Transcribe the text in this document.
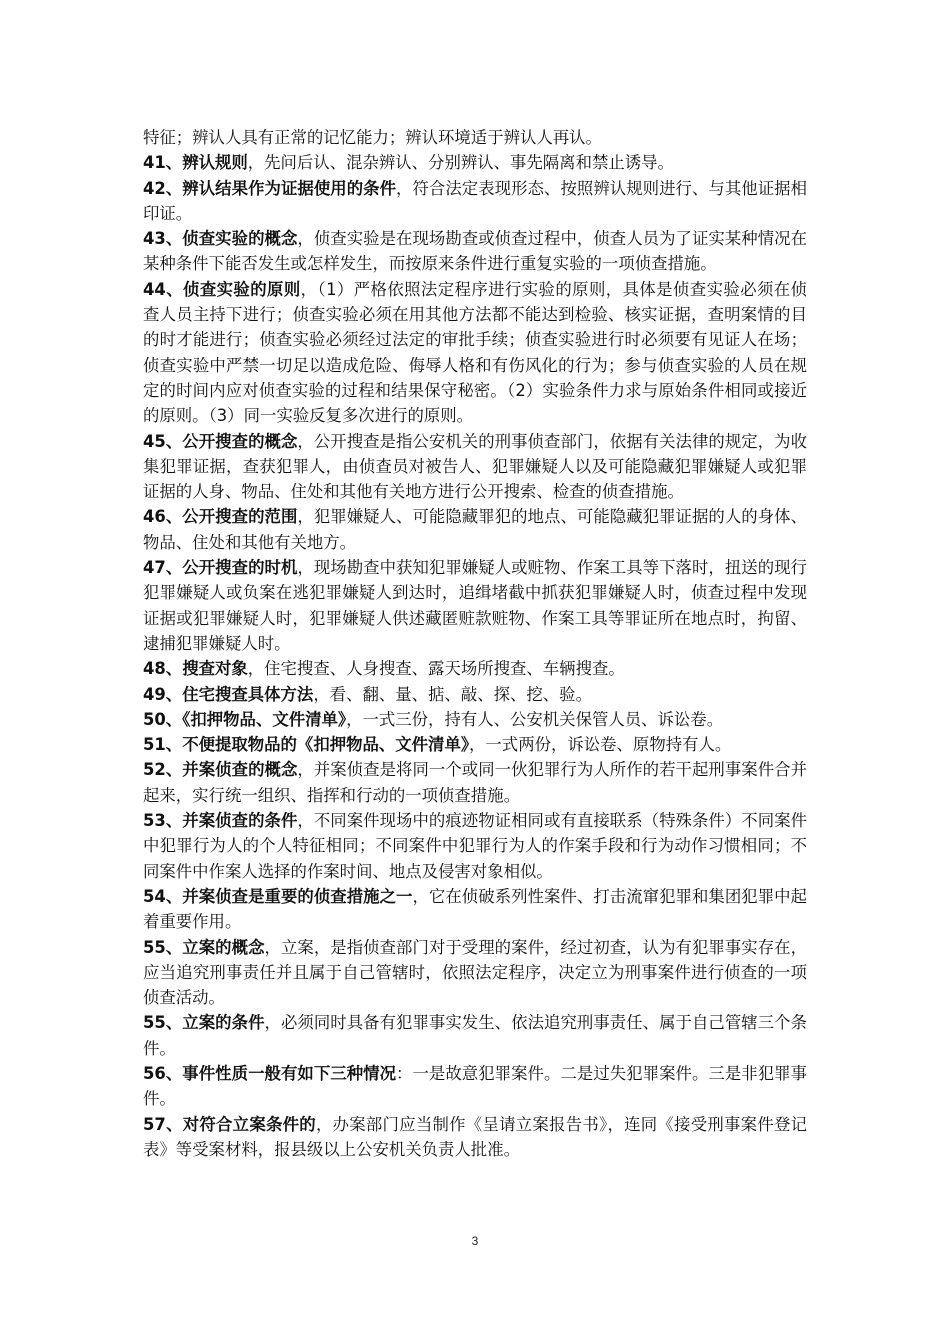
特征；辨认人具有正常的记忆能力；辨认环境适于辨认人再认。

41、辨认规则，先问后认、混杂辨认、分别辨认、事先隔离和禁止诱导。

42、辨认结果作为证据使用的条件，符合法定表现形态、按照辨认规则进行、与其他证据相印证。

43、侦查实验的概念，侦查实验是在现场勘查或侦查过程中，侦查人员为了证实某种情况在某种条件下能否发生或怎样发生，而按原来条件进行重复实验的一项侦查措施。

44、侦查实验的原则，（1）严格依照法定程序进行实验的原则，具体是侦查实验必须在侦查人员主持下进行；侦查实验必须在用其他方法都不能达到检验、核实证据，查明案情的目的时才能进行；侦查实验必须经过法定的审批手续；侦查实验进行时必须要有见证人在场；侦查实验中严禁一切足以造成危险、侮辱人格和有伤风化的行为；参与侦查实验的人员在规定的时间内应对侦查实验的过程和结果保守秘密。（2）实验条件力求与原始条件相同或接近的原则。（3）同一实验反复多次进行的原则。

45、公开搜查的概念，公开搜查是指公安机关的刑事侦查部门，依据有关法律的规定，为收集犯罪证据，查获犯罪人，由侦查员对被告人、犯罪嫌疑人以及可能隐藏犯罪嫌疑人或犯罪证据的人身、物品、住处和其他有关地方进行公开搜索、检查的侦查措施。

46、公开搜查的范围，犯罪嫌疑人、可能隐藏罪犯的地点、可能隐藏犯罪证据的人的身体、物品、住处和其他有关地方。

47、公开搜查的时机，现场勘查中获知犯罪嫌疑人或赃物、作案工具等下落时，扭送的现行犯罪嫌疑人或负案在逃犯罪嫌疑人到达时，追缉堵截中抓获犯罪嫌疑人时，侦查过程中发现证据或犯罪嫌疑人时，犯罪嫌疑人供述藏匿赃款赃物、作案工具等罪证所在地点时，拘留、逮捕犯罪嫌疑人时。

48、搜查对象，住宅搜查、人身搜查、露天场所搜查、车辆搜查。

49、住宅搜查具体方法，看、翻、量、掂、敲、探、挖、验。

50、《扣押物品、文件清单》，一式三份，持有人、公安机关保管人员、诉讼卷。

51、不便提取物品的《扣押物品、文件清单》，一式两份，诉讼卷、原物持有人。

52、并案侦查的概念，并案侦查是将同一个或同一伙犯罪行为人所作的若干起刑事案件合并起来，实行统一组织、指挥和行动的一项侦查措施。

53、并案侦查的条件，不同案件现场中的痕迹物证相同或有直接联系（特殊条件）不同案件中犯罪行为人的个人特征相同；不同案件中犯罪行为人的作案手段和行为动作习惯相同；不同案件中作案人选择的作案时间、地点及侵害对象相似。

54、并案侦查是重要的侦查措施之一，它在侦破系列性案件、打击流窜犯罪和集团犯罪中起着重要作用。

55、立案的概念，立案，是指侦查部门对于受理的案件，经过初查，认为有犯罪事实存在，应当追究刑事责任并且属于自己管辖时，依照法定程序，决定立为刑事案件进行侦查的一项侦查活动。

55、立案的条件，必须同时具备有犯罪事实发生、依法追究刑事责任、属于自己管辖三个条件。

56、事件性质一般有如下三种情况：一是故意犯罪案件。二是过失犯罪案件。三是非犯罪事件。

57、对符合立案条件的，办案部门应当制作《呈请立案报告书》，连同《接受刑事案件登记表》等受案材料，报县级以上公安机关负责人批准。

3
